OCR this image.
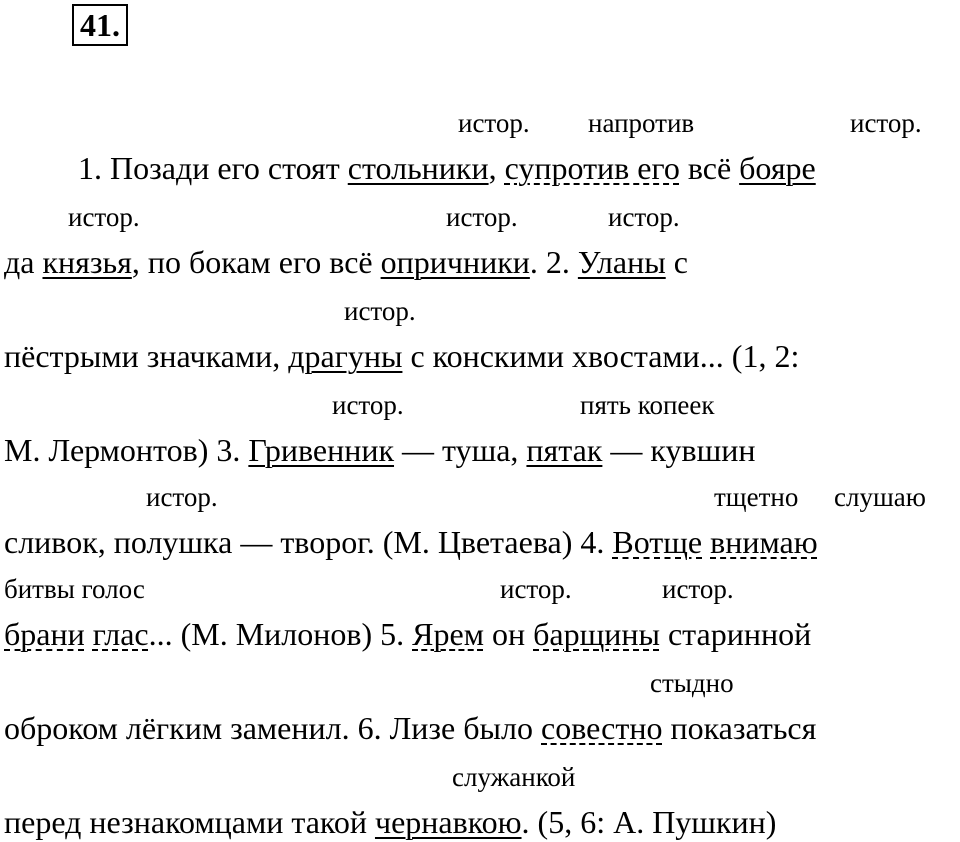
41.
истор. напротив	истор.
1. Позади его стоят стольники, супротив его всё бояре
истор.	истор.	истор.
да князья, по бокам его всё опричники. 2. Уланы с
истор.
пёстрыми значками, драгуны с конскими хвостами... (1, 2:
истор.	пять копеек
М. Лермонтов) 3. Гривенник — туша, пятак — кувшин
истор.	тщетно слушаю
сливок, полушка — творог. (М. Цветаева) 4. Вотще внимаю
битвы голос	истор.	истор.
брани глас... (М. Милонов) 5. Ярем он барщины старинной
стыдно
оброком лёгким заменил. 6. Лизе было совестно показаться
служанкой
перед незнакомцами такой чернавкою. (5, 6: А. Пушкин)
